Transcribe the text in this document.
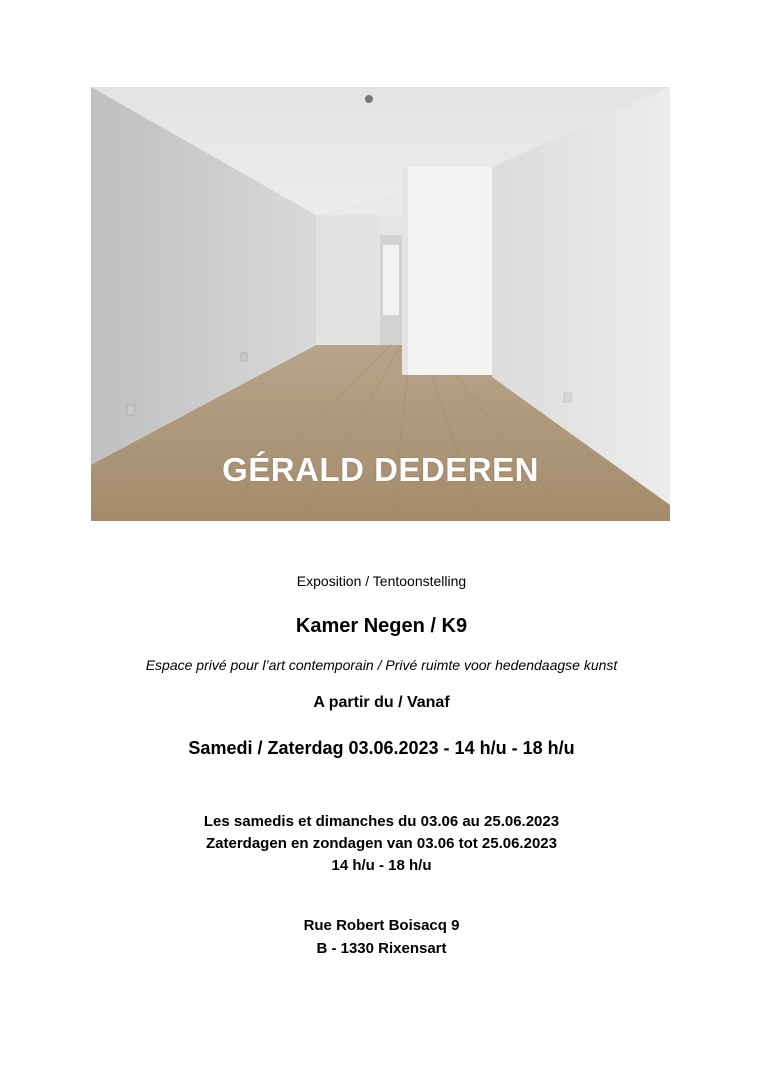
GÉRALD DEDEREN
Exposition / Tentoonstelling
Kamer Negen / K9
Espace privé pour l’art contemporain / Privé ruimte voor hedendaagse kunst
A partir du / Vanaf
Samedi / Zaterdag 03.06.2023 - 14 h/u - 18 h/u
Les samedis et dimanches du 03.06 au 25.06.2023
Zaterdagen en zondagen van 03.06 tot 25.06.2023
14 h/u - 18 h/u
Rue Robert Boisacq 9
B - 1330 Rixensart
